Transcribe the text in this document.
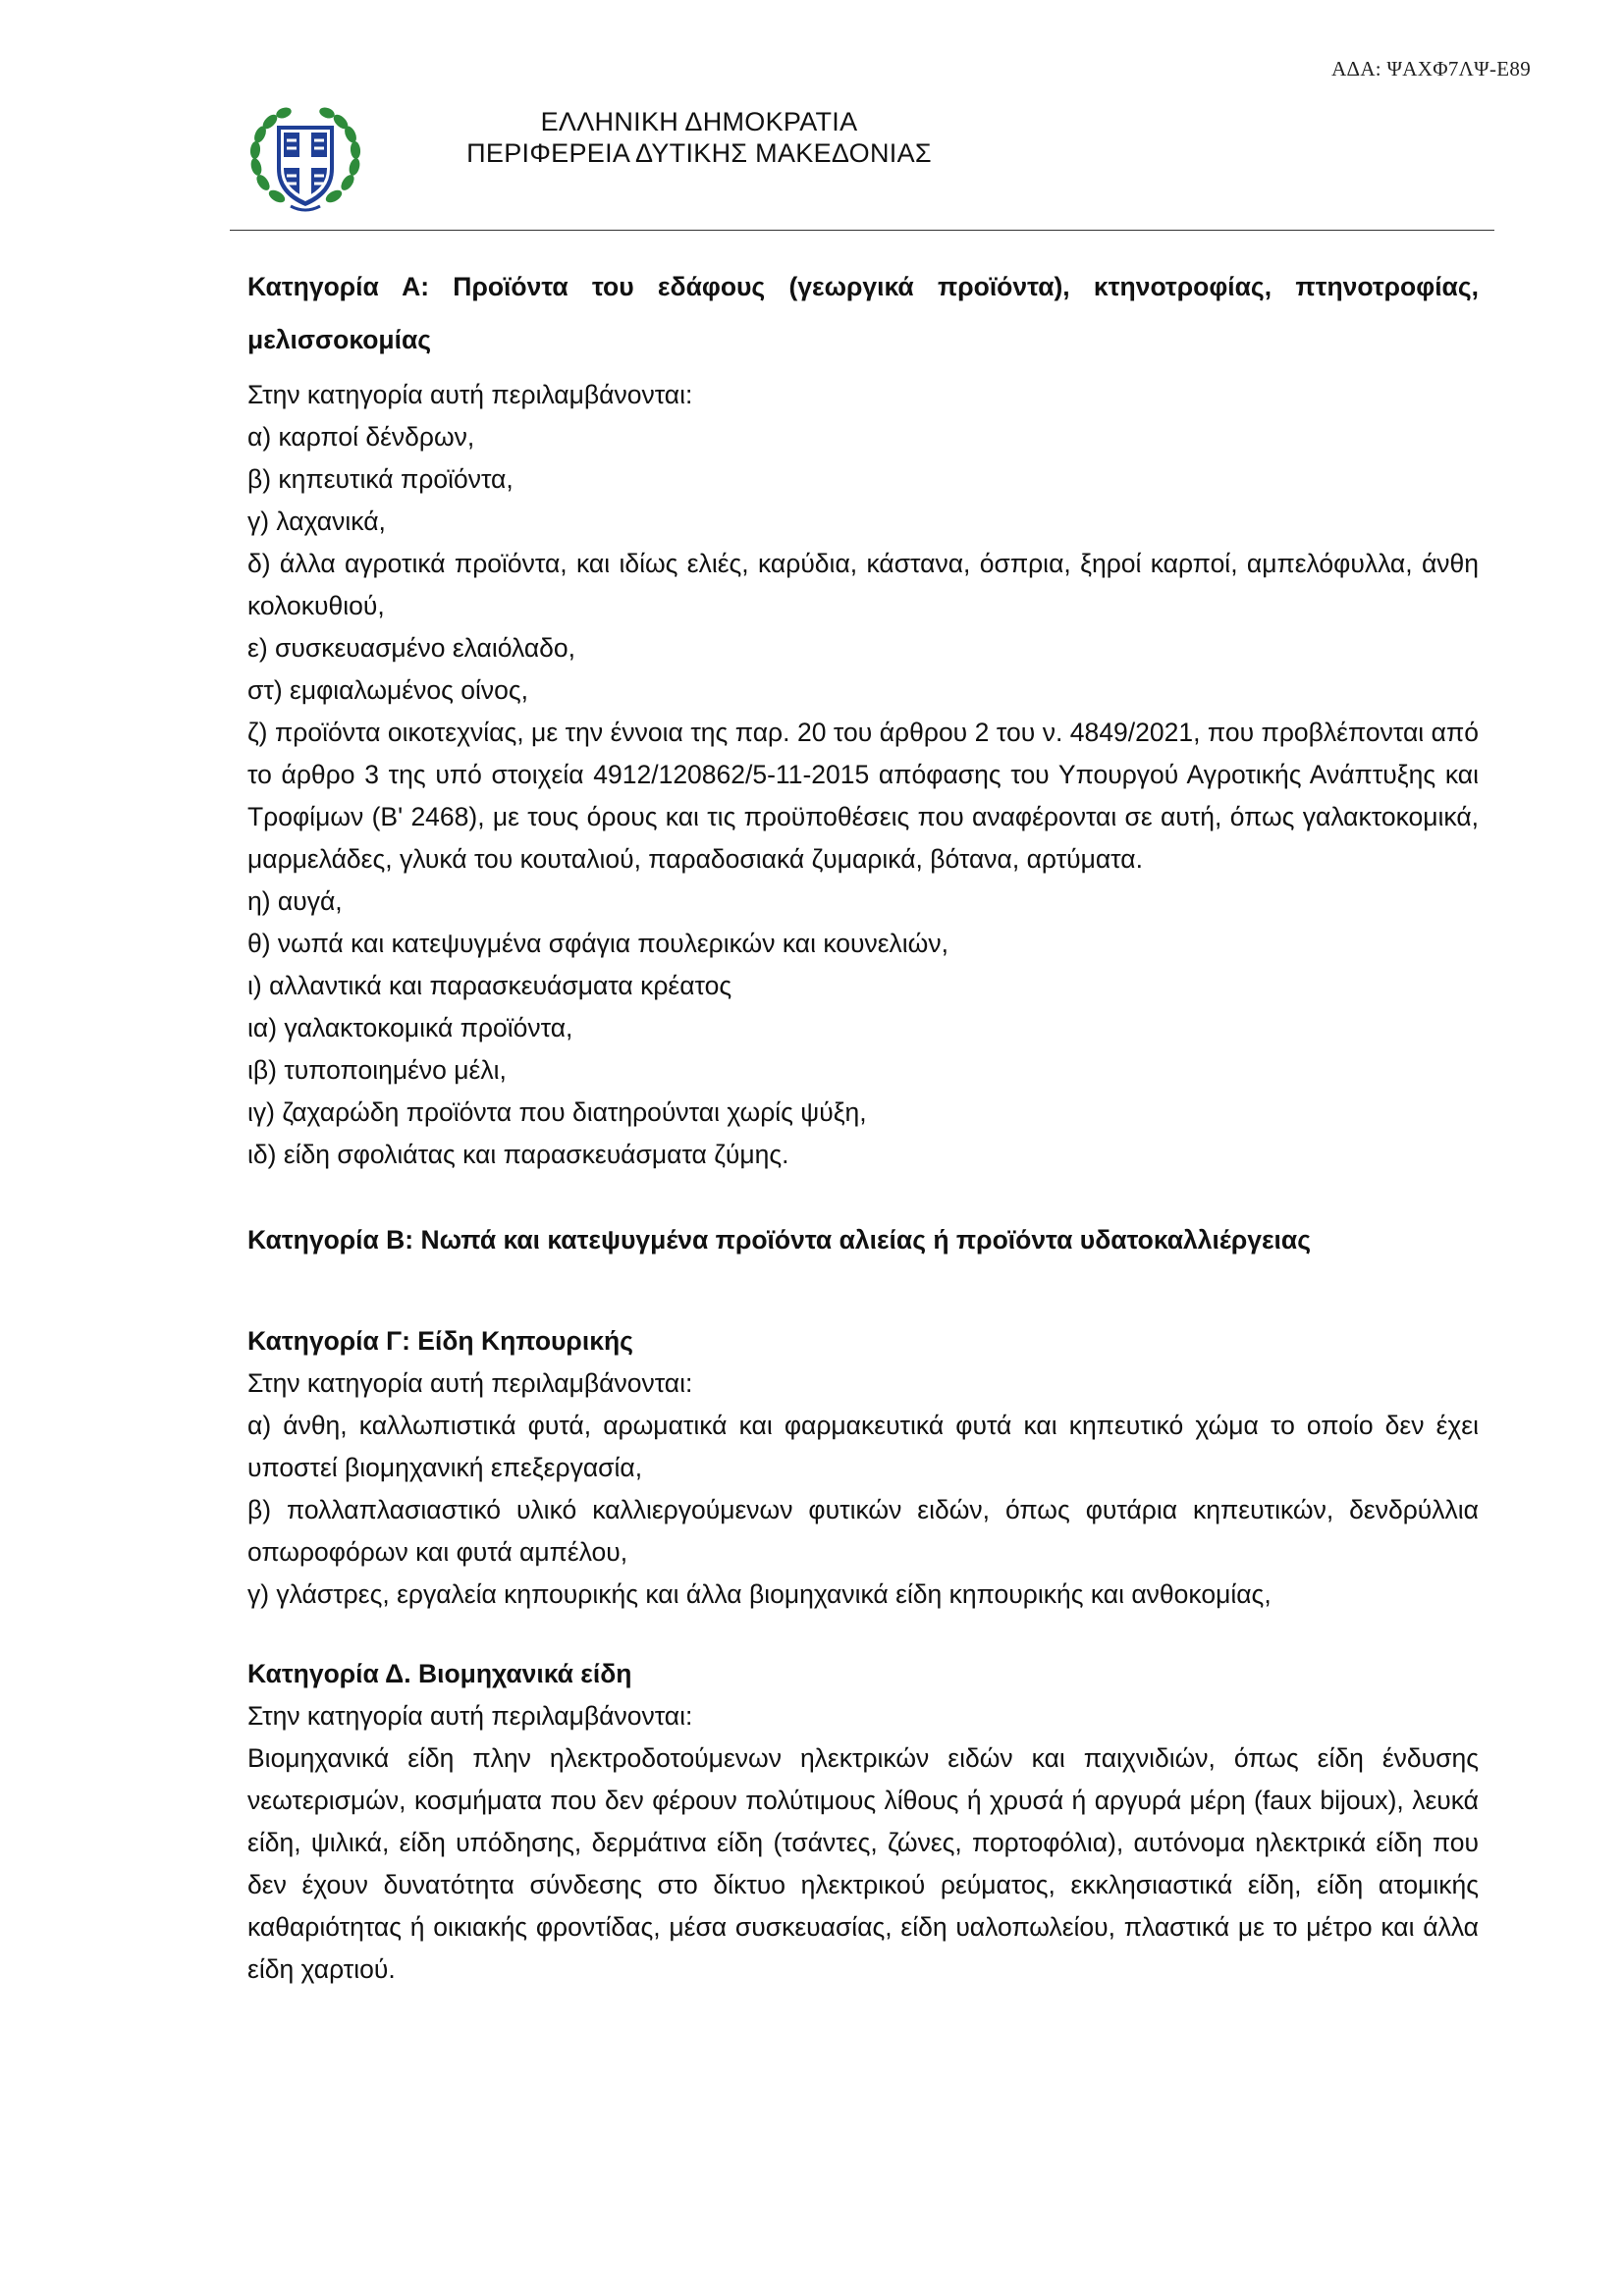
ΑΔΑ: ΨΑΧΦ7ΛΨ-Ε89
ΕΛΛΗΝΙΚΗ ΔΗΜΟΚΡΑΤΙΑ
ΠΕΡΙΦΕΡΕΙΑ ΔΥΤΙΚΗΣ ΜΑΚΕΔΟΝΙΑΣ

Κατηγορία Α: Προϊόντα του εδάφους (γεωργικά προϊόντα), κτηνοτροφίας, πτηνοτροφίας, μελισσοκομίας

Στην κατηγορία αυτή περιλαμβάνονται:

α) καρποί δένδρων,

β) κηπευτικά προϊόντα,

γ) λαχανικά,

δ) άλλα αγροτικά προϊόντα, και ιδίως ελιές, καρύδια, κάστανα, όσπρια, ξηροί καρποί, αμπελόφυλλα, άνθη κολοκυθιού,

ε) συσκευασμένο ελαιόλαδο,

στ) εμφιαλωμένος οίνος,

ζ) προϊόντα οικοτεχνίας, με την έννοια της παρ. 20 του άρθρου 2 του ν. 4849/2021, που προβλέπονται από το άρθρο 3 της υπό στοιχεία 4912/120862/5-11-2015 απόφασης του Υπουργού Αγροτικής Ανάπτυξης και Τροφίμων (Β' 2468), με τους όρους και τις προϋποθέσεις που αναφέρονται σε αυτή, όπως γαλακτοκομικά, μαρμελάδες, γλυκά του κουταλιού, παραδοσιακά ζυμαρικά, βότανα, αρτύματα.

η) αυγά,

θ) νωπά και κατεψυγμένα σφάγια πουλερικών και κουνελιών,

ι) αλλαντικά και παρασκευάσματα κρέατος

ια) γαλακτοκομικά προϊόντα,

ιβ) τυποποιημένο μέλι,

ιγ) ζαχαρώδη προϊόντα που διατηρούνται χωρίς ψύξη,

ιδ) είδη σφολιάτας και παρασκευάσματα ζύμης.

Κατηγορία Β: Νωπά και κατεψυγμένα προϊόντα αλιείας ή προϊόντα υδατοκαλλιέργειας

Κατηγορία Γ: Είδη Κηπουρικής

Στην κατηγορία αυτή περιλαμβάνονται:

α) άνθη, καλλωπιστικά φυτά, αρωματικά και φαρμακευτικά φυτά και κηπευτικό χώμα το οποίο δεν έχει υποστεί βιομηχανική επεξεργασία,

β) πολλαπλασιαστικό υλικό καλλιεργούμενων φυτικών ειδών, όπως φυτάρια κηπευτικών, δενδρύλλια οπωροφόρων και φυτά αμπέλου,

γ) γλάστρες, εργαλεία κηπουρικής και άλλα βιομηχανικά είδη κηπουρικής και ανθοκομίας,

Κατηγορία Δ. Βιομηχανικά είδη

Στην κατηγορία αυτή περιλαμβάνονται:

Βιομηχανικά είδη πλην ηλεκτροδοτούμενων ηλεκτρικών ειδών και παιχνιδιών, όπως είδη ένδυσης νεωτερισμών, κοσμήματα που δεν φέρουν πολύτιμους λίθους ή χρυσά ή αργυρά μέρη (faux bijoux), λευκά είδη, ψιλικά, είδη υπόδησης, δερμάτινα είδη (τσάντες, ζώνες, πορτοφόλια), αυτόνομα ηλεκτρικά είδη που δεν έχουν δυνατότητα σύνδεσης στο δίκτυο ηλεκτρικού ρεύματος, εκκλησιαστικά είδη, είδη ατομικής καθαριότητας ή οικιακής φροντίδας, μέσα συσκευασίας, είδη υαλοπωλείου, πλαστικά με το μέτρο και άλλα είδη χαρτιού.
